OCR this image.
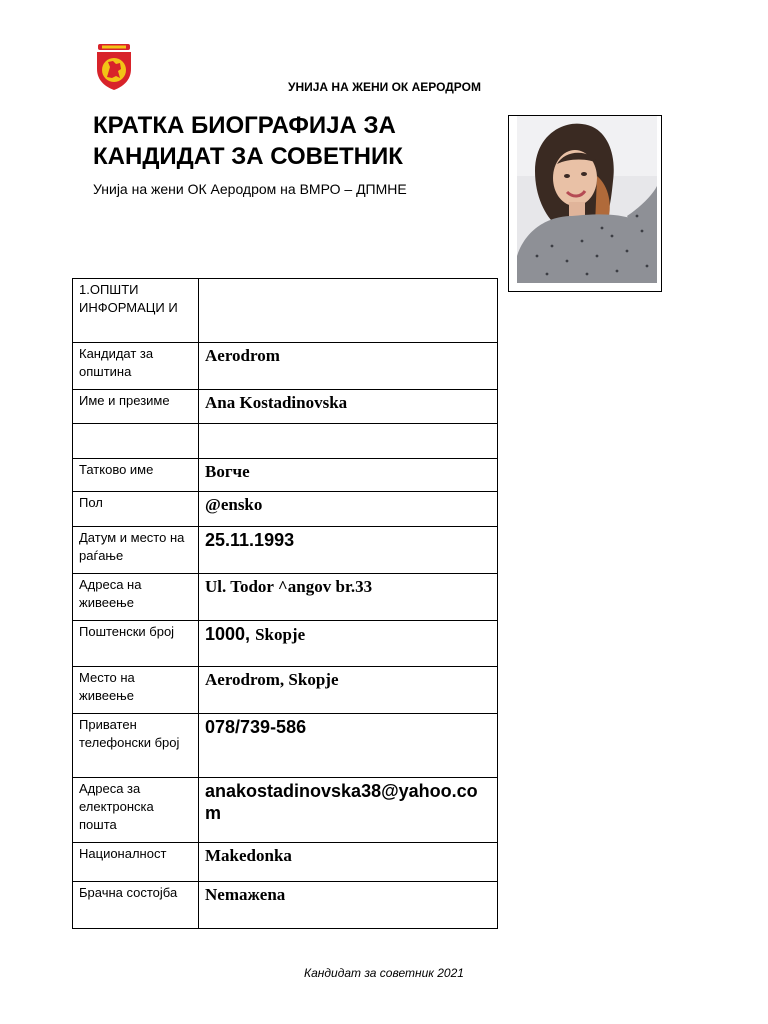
УНИЈА НА ЖЕНИ ОК АЕРОДРОМ
КРАТКА БИОГРАФИЈА ЗА
КАНДИДАТ ЗА СОВЕТНИК
Унија на жени ОК Аеродром на ВМРО – ДПМНЕ
1.ОПШТИ ИНФОРМАЦИ И	
Кандидат за општина	Aerodrom
Име и презиме	Ana Kostadinovska

Татково име	Вогче
Пол	@ensko
Датум и место на раѓање	25.11.1993
Адреса на живеење	Ul. Todor ^angov br.33
Поштенски број	1000, Skopje
Место на живеење	Aerodrom, Skopje
Приватен телефонски број	078/739-586
Адреса за електронска пошта	anakostadinovska38@yahoo.com
Националност	Makedonka
Брачна состојба	Nemажena
Кандидат за советник 2021
